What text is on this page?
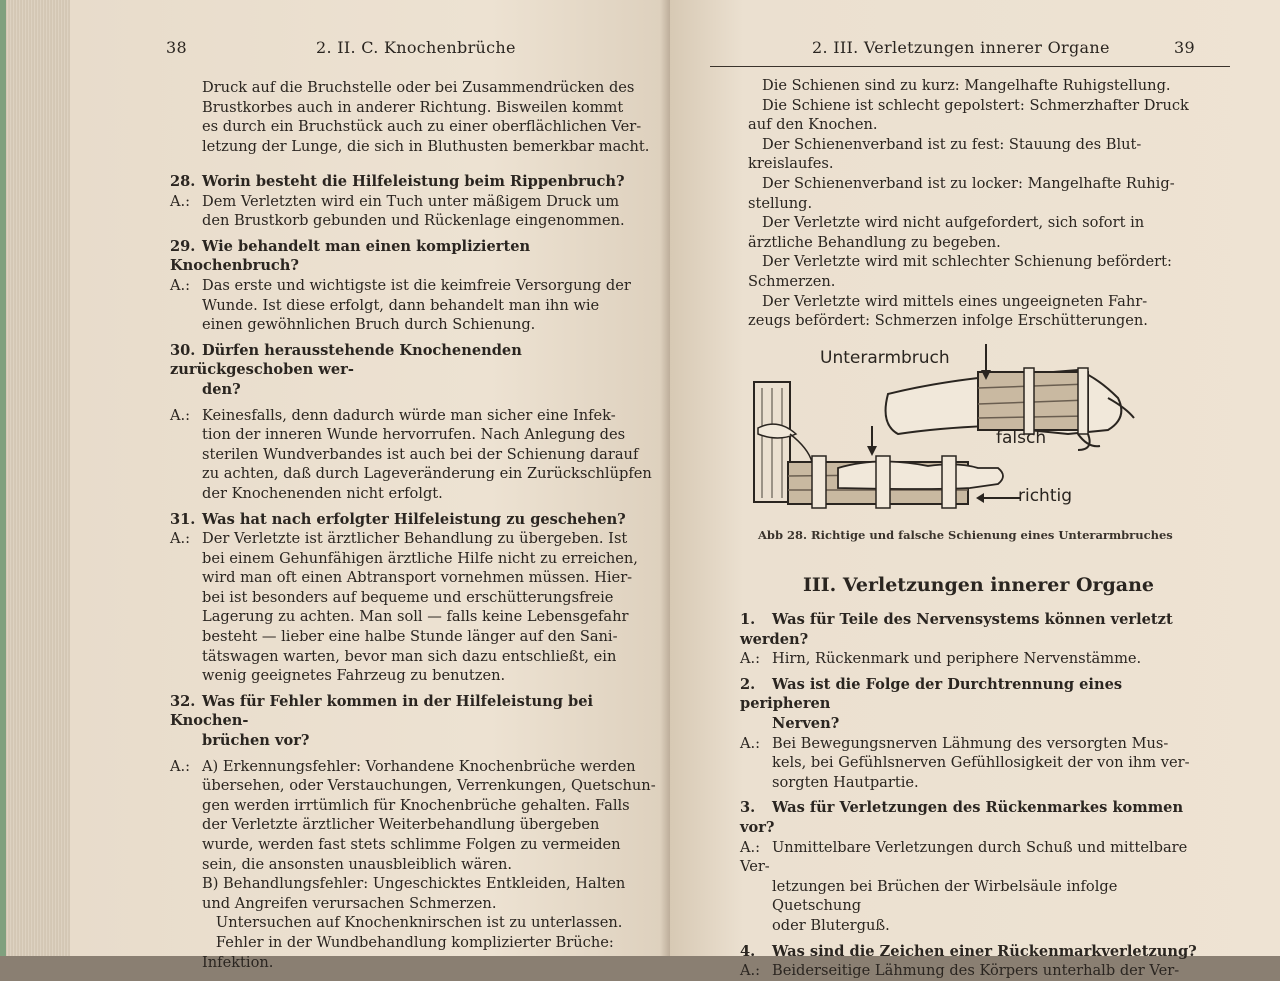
38	2. II. C. Knochenbrüche
Druck auf die Bruchstelle oder bei Zusammendrücken des
Brustkorbes auch in anderer Richtung. Bisweilen kommt
es durch ein Bruchstück auch zu einer oberflächlichen Ver-
letzung der Lunge, die sich in Bluthusten bemerkbar macht.
28. Worin besteht die Hilfeleistung beim Rippenbruch?
A.: Dem Verletzten wird ein Tuch unter mäßigem Druck um
den Brustkorb gebunden und Rückenlage eingenommen.
29. Wie behandelt man einen komplizierten Knochenbruch?
A.: Das erste und wichtigste ist die keimfreie Versorgung der
Wunde. Ist diese erfolgt, dann behandelt man ihn wie
einen gewöhnlichen Bruch durch Schienung.
30. Dürfen herausstehende Knochenenden zurückgeschoben wer-
den?
A.: Keinesfalls, denn dadurch würde man sicher eine Infek-
tion der inneren Wunde hervorrufen. Nach Anlegung des
sterilen Wundverbandes ist auch bei der Schienung darauf
zu achten, daß durch Lageveränderung ein Zurückschlüpfen
der Knochenenden nicht erfolgt.
31. Was hat nach erfolgter Hilfeleistung zu geschehen?
A.: Der Verletzte ist ärztlicher Behandlung zu übergeben. Ist
bei einem Gehunfähigen ärztliche Hilfe nicht zu erreichen,
wird man oft einen Abtransport vornehmen müssen. Hier-
bei ist besonders auf bequeme und erschütterungsfreie
Lagerung zu achten. Man soll — falls keine Lebensgefahr
besteht — lieber eine halbe Stunde länger auf den Sani-
tätswagen warten, bevor man sich dazu entschließt, ein
wenig geeignetes Fahrzeug zu benutzen.
32. Was für Fehler kommen in der Hilfeleistung bei Knochen-
brüchen vor?
A.: A) Erkennungsfehler: Vorhandene Knochenbrüche werden
übersehen, oder Verstauchungen, Verrenkungen, Quetschun-
gen werden irrtümlich für Knochenbrüche gehalten. Falls
der Verletzte ärztlicher Weiterbehandlung übergeben
wurde, werden fast stets schlimme Folgen zu vermeiden
sein, die ansonsten unausbleiblich wären.
B) Behandlungsfehler: Ungeschicktes Entkleiden, Halten
und Angreifen verursachen Schmerzen.
Untersuchen auf Knochenknirschen ist zu unterlassen.
Fehler in der Wundbehandlung komplizierter Brüche:
Infektion.
2. III. Verletzungen innerer Organe	39
Die Schienen sind zu kurz: Mangelhafte Ruhigstellung.
Die Schiene ist schlecht gepolstert: Schmerzhafter Druck
auf den Knochen.
Der Schienenverband ist zu fest: Stauung des Blut-
kreislaufes.
Der Schienenverband ist zu locker: Mangelhafte Ruhig-
stellung.
Der Verletzte wird nicht aufgefordert, sich sofort in
ärztliche Behandlung zu begeben.
Der Verletzte wird mit schlechter Schienung befördert:
Schmerzen.
Der Verletzte wird mittels eines ungeeigneten Fahr-
zeugs befördert: Schmerzen infolge Erschütterungen.
Unterarmbruch
falsch
richtig
Abb 28. Richtige und falsche Schienung eines Unterarmbruches
III. Verletzungen innerer Organe
1. Was für Teile des Nervensystems können verletzt werden?
A.: Hirn, Rückenmark und periphere Nervenstämme.
2. Was ist die Folge der Durchtrennung eines peripheren
Nerven?
A.: Bei Bewegungsnerven Lähmung des versorgten Mus-
kels, bei Gefühlsnerven Gefühllosigkeit der von ihm ver-
sorgten Hautpartie.
3. Was für Verletzungen des Rückenmarkes kommen vor?
A.: Unmittelbare Verletzungen durch Schuß und mittelbare Ver-
letzungen bei Brüchen der Wirbelsäule infolge Quetschung
oder Bluterguß.
4. Was sind die Zeichen einer Rückenmarkverletzung?
A.: Beiderseitige Lähmung des Körpers unterhalb der Ver-
